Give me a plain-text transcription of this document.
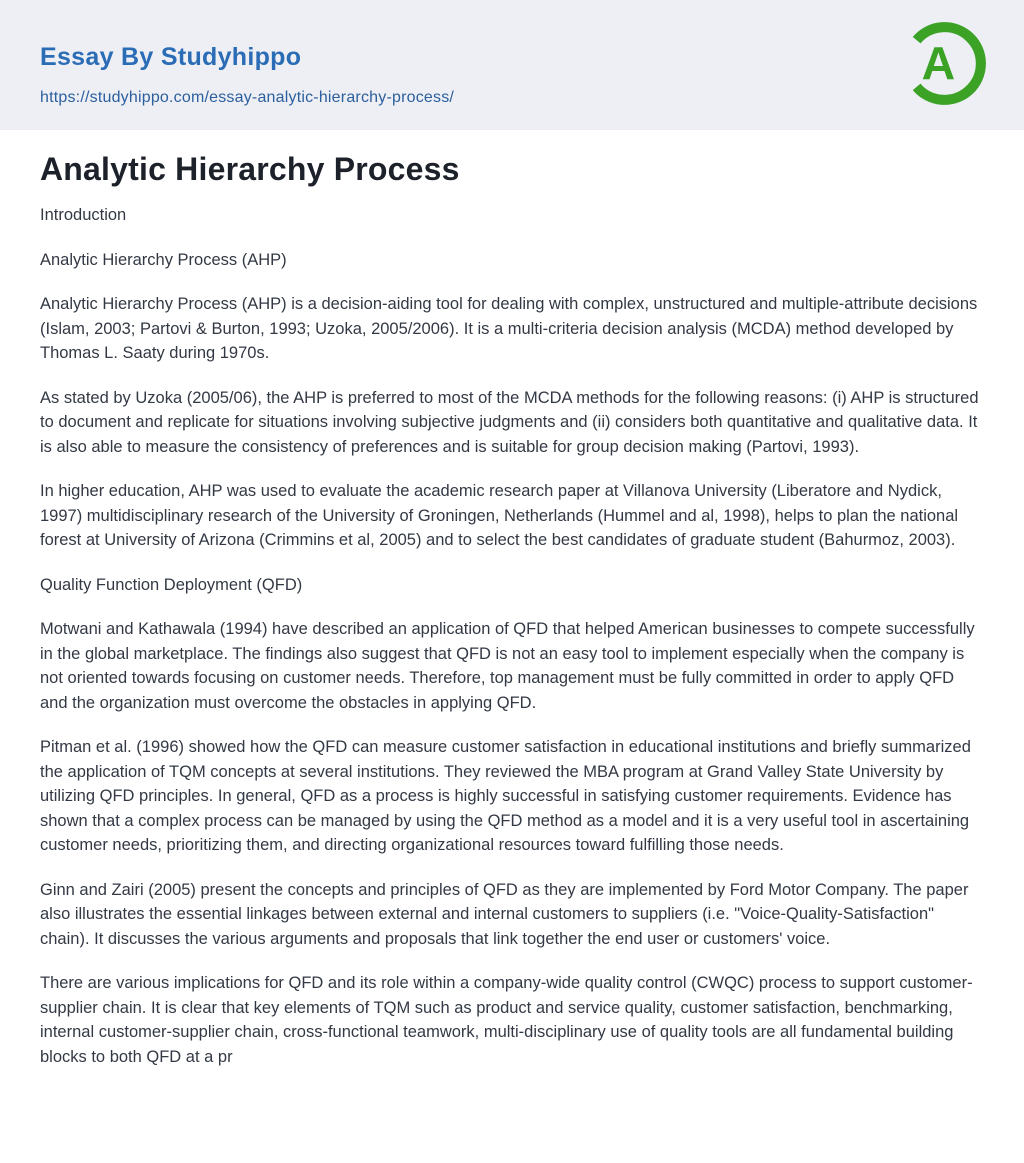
Essay By Studyhippo
https://studyhippo.com/essay-analytic-hierarchy-process/
A
Analytic Hierarchy Process

Introduction

Analytic Hierarchy Process (AHP)

Analytic Hierarchy Process (AHP) is a decision-aiding tool for dealing with complex, unstructured and multiple-attribute decisions (Islam, 2003; Partovi & Burton, 1993; Uzoka, 2005/2006). It is a multi-criteria decision analysis (MCDA) method developed by Thomas L. Saaty during 1970s.

As stated by Uzoka (2005/06), the AHP is preferred to most of the MCDA methods for the following reasons: (i) AHP is structured to document and replicate for situations involving subjective judgments and (ii) considers both quantitative and qualitative data. It is also able to measure the consistency of preferences and is suitable for group decision making (Partovi, 1993).

In higher education, AHP was used to evaluate the academic research paper at Villanova University (Liberatore and Nydick, 1997) multidisciplinary research of the University of Groningen, Netherlands (Hummel and al, 1998), helps to plan the national forest at University of Arizona (Crimmins et al, 2005) and to select the best candidates of graduate student (Bahurmoz, 2003).

Quality Function Deployment (QFD)

Motwani and Kathawala (1994) have described an application of QFD that helped American businesses to compete successfully in the global marketplace. The findings also suggest that QFD is not an easy tool to implement especially when the company is not oriented towards focusing on customer needs. Therefore, top management must be fully committed in order to apply QFD and the organization must overcome the obstacles in applying QFD.

Pitman et al. (1996) showed how the QFD can measure customer satisfaction in educational institutions and briefly summarized the application of TQM concepts at several institutions. They reviewed the MBA program at Grand Valley State University by utilizing QFD principles. In general, QFD as a process is highly successful in satisfying customer requirements. Evidence has shown that a complex process can be managed by using the QFD method as a model and it is a very useful tool in ascertaining customer needs, prioritizing them, and directing organizational resources toward fulfilling those needs.

Ginn and Zairi (2005) present the concepts and principles of QFD as they are implemented by Ford Motor Company. The paper also illustrates the essential linkages between external and internal customers to suppliers (i.e. "Voice-Quality-Satisfaction" chain). It discusses the various arguments and proposals that link together the end user or customers' voice.

There are various implications for QFD and its role within a company-wide quality control (CWQC) process to support customer-supplier chain. It is clear that key elements of TQM such as product and service quality, customer satisfaction, benchmarking, internal customer-supplier chain, cross-functional teamwork, multi-disciplinary use of quality tools are all fundamental building blocks to both QFD at a pr
